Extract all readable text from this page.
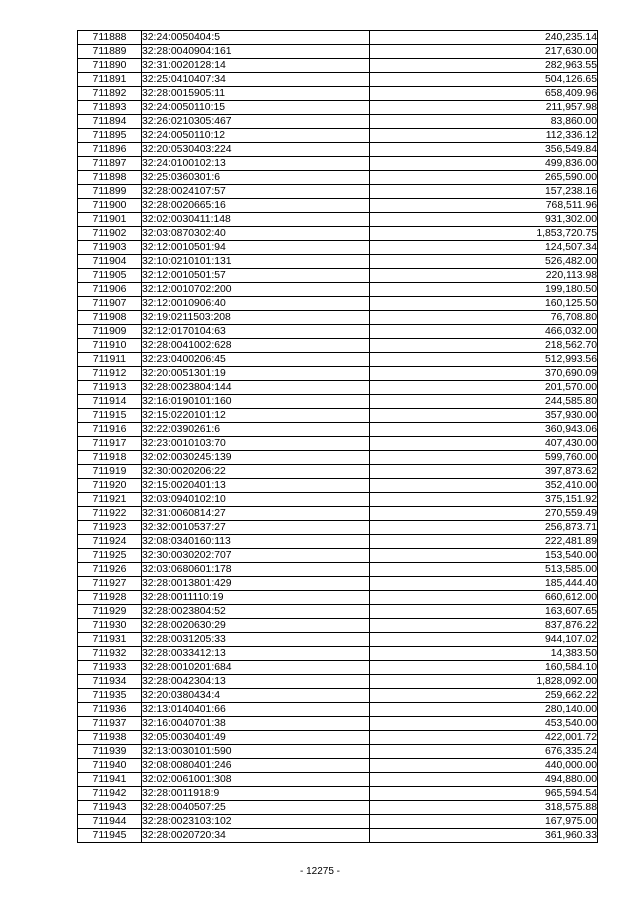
711888	32:24:0050404:5	240,235.14
711889	32:28:0040904:161	217,630.00
711890	32:31:0020128:14	282,963.55
711891	32:25:0410407:34	504,126.65
711892	32:28:0015905:11	658,409.96
711893	32:24:0050110:15	211,957.98
711894	32:26:0210305:467	83,860.00
711895	32:24:0050110:12	112,336.12
711896	32:20:0530403:224	356,549.84
711897	32:24:0100102:13	499,836.00
711898	32:25:0360301:6	265,590.00
711899	32:28:0024107:57	157,238.16
711900	32:28:0020665:16	768,511.96
711901	32:02:0030411:148	931,302.00
711902	32:03:0870302:40	1,853,720.75
711903	32:12:0010501:94	124,507.34
711904	32:10:0210101:131	526,482.00
711905	32:12:0010501:57	220,113.98
711906	32:12:0010702:200	199,180.50
711907	32:12:0010906:40	160,125.50
711908	32:19:0211503:208	76,708.80
711909	32:12:0170104:63	466,032.00
711910	32:28:0041002:628	218,562.70
711911	32:23:0400206:45	512,993.56
711912	32:20:0051301:19	370,690.09
711913	32:28:0023804:144	201,570.00
711914	32:16:0190101:160	244,585.80
711915	32:15:0220101:12	357,930.00
711916	32:22:0390261:6	360,943.06
711917	32:23:0010103:70	407,430.00
711918	32:02:0030245:139	599,760.00
711919	32:30:0020206:22	397,873.62
711920	32:15:0020401:13	352,410.00
711921	32:03:0940102:10	375,151.92
711922	32:31:0060814:27	270,559.49
711923	32:32:0010537:27	256,873.71
711924	32:08:0340160:113	222,481.89
711925	32:30:0030202:707	153,540.00
711926	32:03:0680601:178	513,585.00
711927	32:28:0013801:429	185,444.40
711928	32:28:0011110:19	660,612.00
711929	32:28:0023804:52	163,607.65
711930	32:28:0020630:29	837,876.22
711931	32:28:0031205:33	944,107.02
711932	32:28:0033412:13	14,383.50
711933	32:28:0010201:684	160,584.10
711934	32:28:0042304:13	1,828,092.00
711935	32:20:0380434:4	259,662.22
711936	32:13:0140401:66	280,140.00
711937	32:16:0040701:38	453,540.00
711938	32:05:0030401:49	422,001.72
711939	32:13:0030101:590	676,335.24
711940	32:08:0080401:246	440,000.00
711941	32:02:0061001:308	494,880.00
711942	32:28:0011918:9	965,594.54
711943	32:28:0040507:25	318,575.88
711944	32:28:0023103:102	167,975.00
711945	32:28:0020720:34	361,960.33
- 12275 -
